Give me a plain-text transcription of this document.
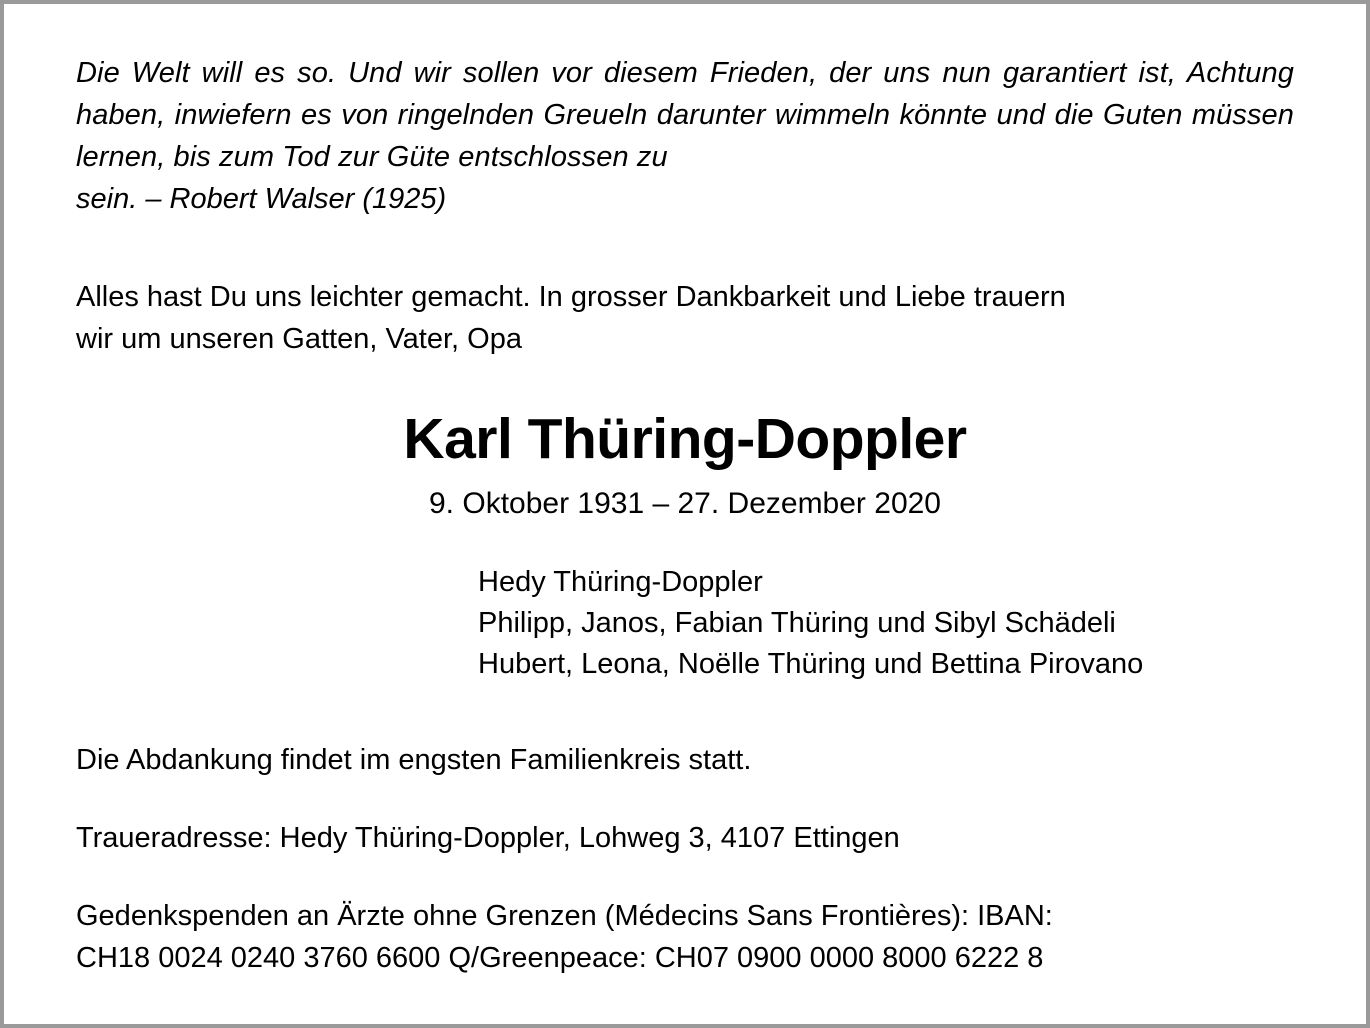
Die Welt will es so. Und wir sollen vor diesem Frieden, der uns nun garantiert ist, Achtung haben, inwiefern es von ringelnden Greueln darunter wimmeln könnte und die Guten müssen lernen, bis zum Tod zur Güte entschlossen zu

sein. – Robert Walser (1925)

Alles hast Du uns leichter gemacht. In grosser Dankbarkeit und Liebe trauern

wir um unseren Gatten, Vater, Opa

Karl Thüring-Doppler

9. Oktober 1931 – 27. Dezember 2020

Hedy Thüring-Doppler
Philipp, Janos, Fabian Thüring und Sibyl Schädeli
Hubert, Leona, Noëlle Thüring und Bettina Pirovano

Die Abdankung findet im engsten Familienkreis statt.

Traueradresse: Hedy Thüring-Doppler, Lohweg 3, 4107 Ettingen

Gedenkspenden an Ärzte ohne Grenzen (Médecins Sans Frontières): IBAN:

CH18 0024 0240 3760 6600 Q/Greenpeace: CH07 0900 0000 8000 6222 8
